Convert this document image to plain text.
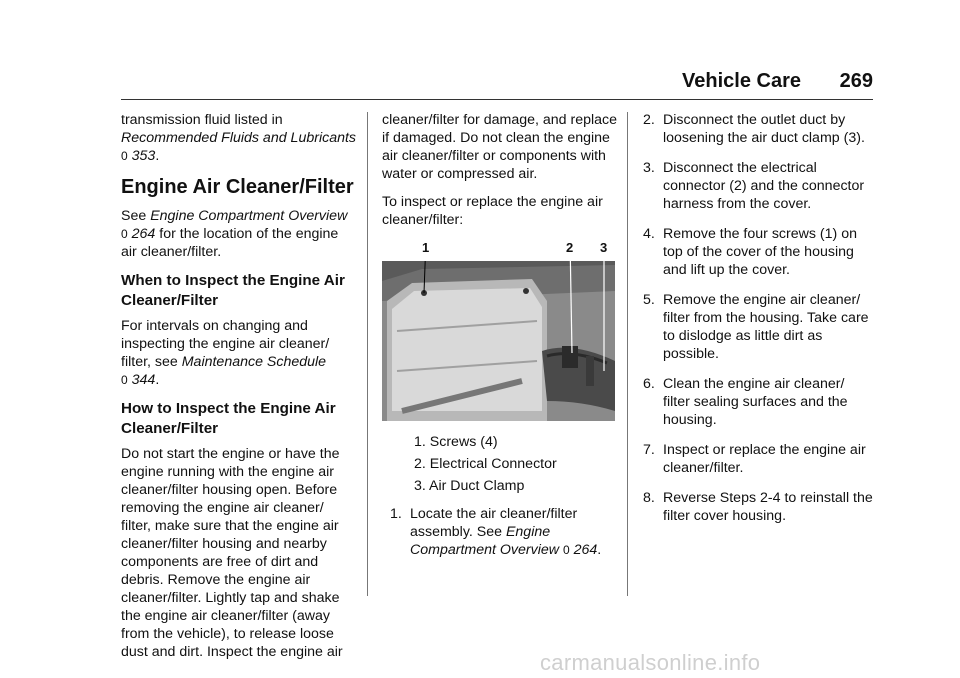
Vehicle Care 269

transmission fluid listed in Recommended Fluids and Lubricants 0 353.

Engine Air Cleaner/Filter

See Engine Compartment Overview
0 264 for the location of the engine air cleaner/filter.

When to Inspect the Engine Air Cleaner/Filter

For intervals on changing and inspecting the engine air cleaner/ filter, see Maintenance Schedule
0 344.

How to Inspect the Engine Air Cleaner/Filter

Do not start the engine or have the engine running with the engine air cleaner/filter housing open. Before removing the engine air cleaner/ filter, make sure that the engine air cleaner/filter housing and nearby components are free of dirt and debris. Remove the engine air cleaner/filter. Lightly tap and shake the engine air cleaner/filter (away from the vehicle), to release loose dust and dirt. Inspect the engine air

cleaner/filter for damage, and replace if damaged. Do not clean the engine air cleaner/filter or components with water or compressed air.

To inspect or replace the engine air cleaner/filter:

1	2 3
1. Screws (4)
2. Electrical Connector
3. Air Duct Clamp
1. Locate the air cleaner/filter assembly. See Engine Compartment Overview 0 264.
2. Disconnect the outlet duct by loosening the air duct clamp (3).
3. Disconnect the electrical connector (2) and the connector harness from the cover.
4. Remove the four screws (1) on top of the cover of the housing and lift up the cover.
5. Remove the engine air cleaner/ filter from the housing. Take care to dislodge as little dirt as possible.
6. Clean the engine air cleaner/ filter sealing surfaces and the housing.
7. Inspect or replace the engine air cleaner/filter.
8. Reverse Steps 2-4 to reinstall the filter cover housing.
carmanualsonline.info
